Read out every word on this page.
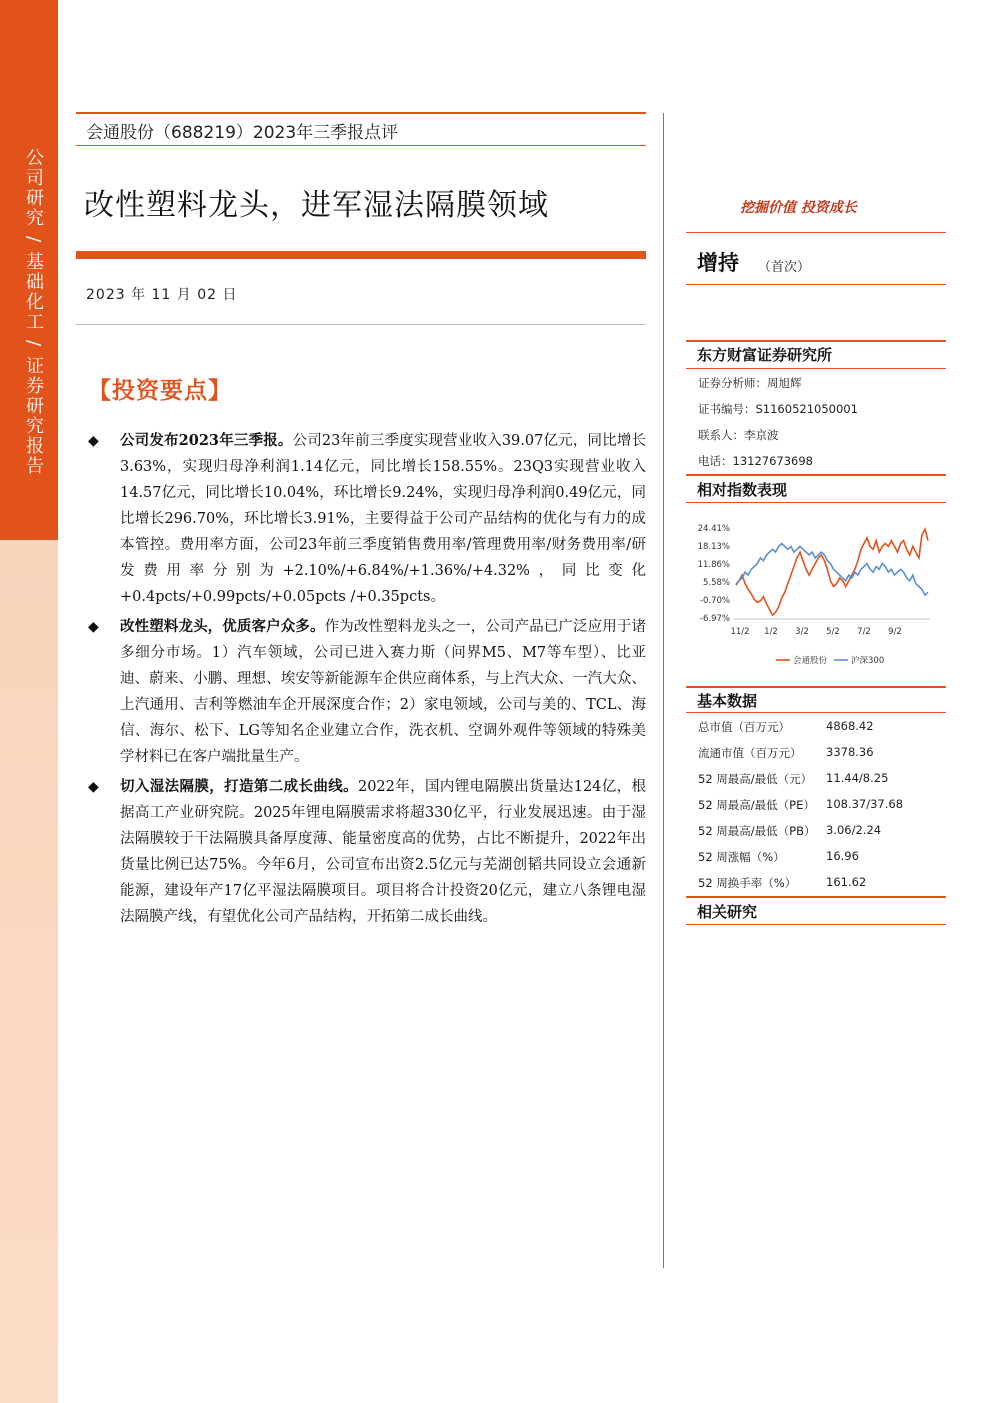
公司研究/基础化工/证券研究报告
会通股份（688219）2023年三季报点评
改性塑料龙头，进军湿法隔膜领域
2023 年 11 月 02 日
【投资要点】
◆ 公司发布2023年三季报。公司23年前三季度实现营业收入39.07亿元，同比增长3.63%，实现归母净利润1.14亿元，同比增长158.55%。23Q3实现营业收入14.57亿元，同比增长10.04%，环比增长9.24%，实现归母净利润0.49亿元，同比增长296.70%，环比增长3.91%，主要得益于公司产品结构的优化与有力的成本管控。费用率方面，公司23年前三季度销售费用率/管理费用率/财务费用率/研发费用率分别为+2.10%/+6.84%/+1.36%/+4.32%，同比变化+0.4pcts/+0.99pcts/+0.05pcts /+0.35pcts。
◆ 改性塑料龙头，优质客户众多。作为改性塑料龙头之一，公司产品已广泛应用于诸多细分市场。1）汽车领域，公司已进入赛力斯（问界M5、M7等车型）、比亚迪、蔚来、小鹏、理想、埃安等新能源车企供应商体系，与上汽大众、一汽大众、上汽通用、吉利等燃油车企开展深度合作；2）家电领域，公司与美的、TCL、海信、海尔、松下、LG等知名企业建立合作，洗衣机、空调外观件等领域的特殊美学材料已在客户端批量生产。
◆ 切入湿法隔膜，打造第二成长曲线。2022年，国内锂电隔膜出货量达124亿，根据高工产业研究院。2025年锂电隔膜需求将超330亿平，行业发展迅速。由于湿法隔膜较于干法隔膜具备厚度薄、能量密度高的优势，占比不断提升，2022年出货量比例已达75%。今年6月，公司宣布出资2.5亿元与芜湖创韬共同设立会通新能源，建设年产17亿平湿法隔膜项目。项目将合计投资20亿元，建立八条锂电湿法隔膜产线，有望优化公司产品结构，开拓第二成长曲线。
挖掘价值 投资成长
增持 （首次）
东方财富证券研究所
证券分析师：周旭辉
证书编号：S1160521050001
联系人：李京波
电话：13127673698
相对指数表现
24.41%
18.13%
11.86%
5.58%
-0.70%
-6.97%
11/2 1/2 3/2 5/2 7/2 9/2
会通股份	沪深300
基本数据
总市值（百万元）	4868.42
流通市值（百万元） 3378.36
52 周最高/最低（元） 11.44/8.25
52 周最高/最低（PE） 108.37/37.68
52 周最高/最低（PB） 3.06/2.24
52 周涨幅（%）	16.96
52 周换手率（%）	161.62
相关研究
